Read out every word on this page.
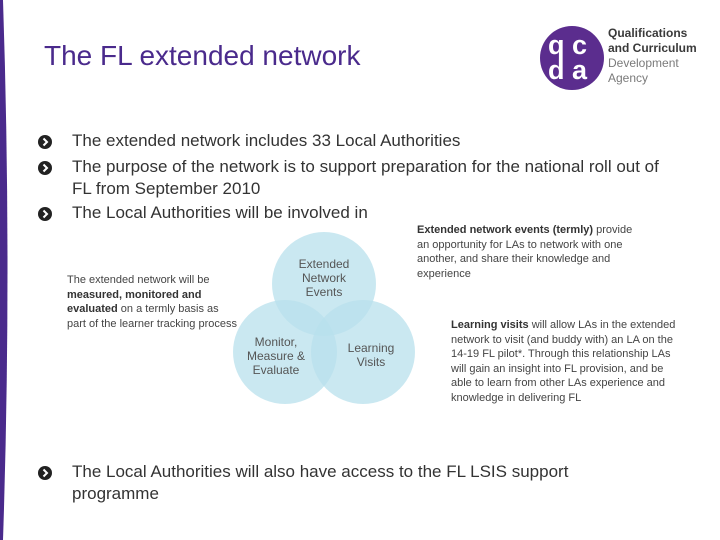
The FL extended network	q c
d a
Qualifications
and Curriculum
Development
Agency
The extended network includes 33 Local Authorities
The purpose of the network is to support preparation for the national roll out of FL from September 2010
The Local Authorities will be involved in
The Local Authorities will also have access to the FL LSIS support programme
The extended network will be measured, monitored and evaluated on a termly basis as part of the learner tracking process
Extended Network Events
Monitor, Measure & Evaluate
Learning Visits
Extended network events (termly) provide an opportunity for LAs to network with one another, and share their knowledge and experience
Learning visits will allow LAs in the extended network to visit (and buddy with) an LA on the 14-19 FL pilot*. Through this relationship LAs will gain an insight into FL provision, and be able to learn from other LAs experience and knowledge in delivering FL
